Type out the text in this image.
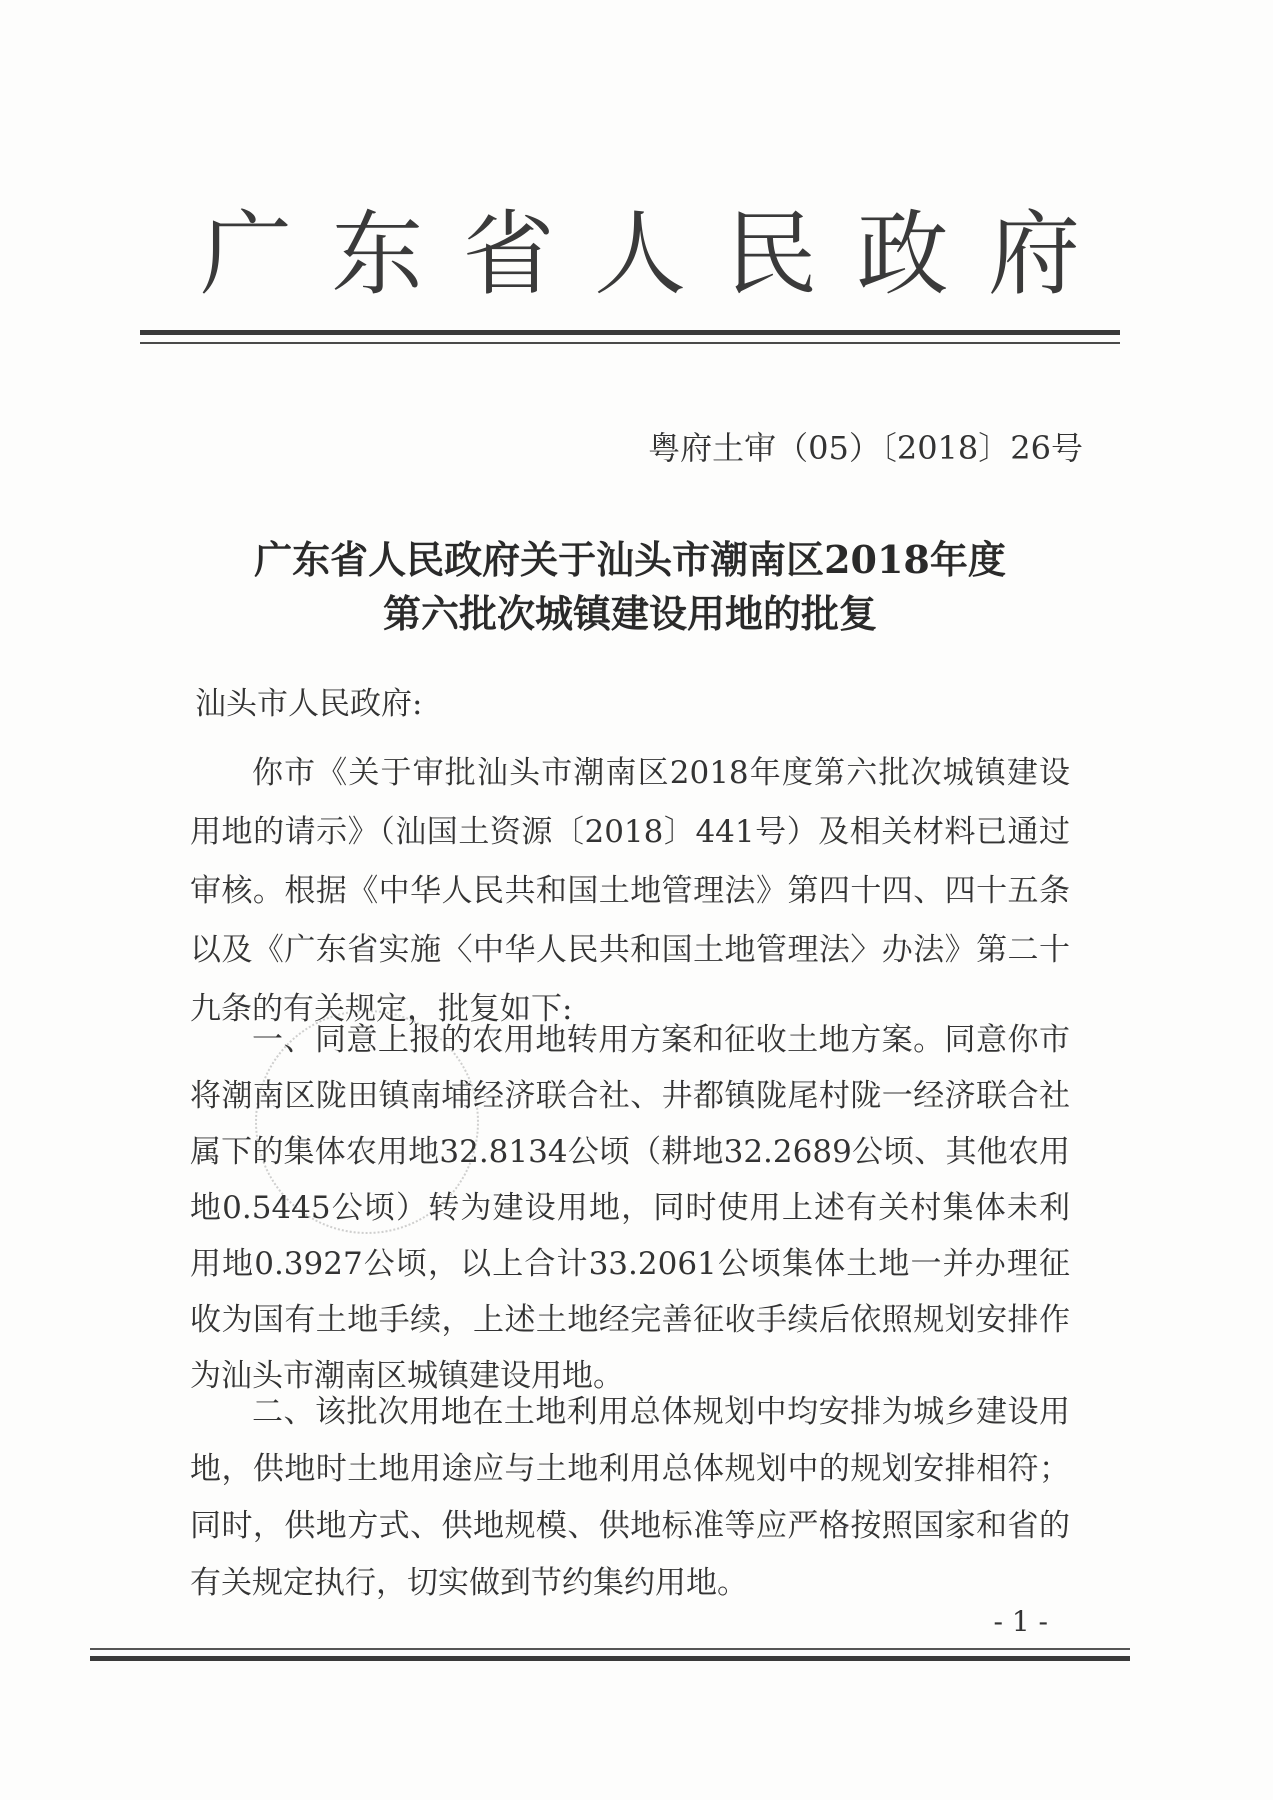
广 东 省 人 民 政 府
粤府土审（05）〔2018〕26号
广东省人民政府关于汕头市潮南区2018年度
第六批次城镇建设用地的批复
汕头市人民政府:

你市《关于审批汕头市潮南区2018年度第六批次城镇建设用地的请示》（汕国土资源〔2018〕441号）及相关材料已通过审核。根据《中华人民共和国土地管理法》第四十四、四十五条以及《广东省实施〈中华人民共和国土地管理法〉办法》第二十九条的有关规定，批复如下:

一、同意上报的农用地转用方案和征收土地方案。同意你市将潮南区陇田镇南埔经济联合社、井都镇陇尾村陇一经济联合社属下的集体农用地32.8134公顷（耕地32.2689公顷、其他农用地0.5445公顷）转为建设用地，同时使用上述有关村集体未利用地0.3927公顷，以上合计33.2061公顷集体土地一并办理征收为国有土地手续，上述土地经完善征收手续后依照规划安排作为汕头市潮南区城镇建设用地。

二、该批次用地在土地利用总体规划中均安排为城乡建设用地，供地时土地用途应与土地利用总体规划中的规划安排相符；同时，供地方式、供地规模、供地标准等应严格按照国家和省的有关规定执行，切实做到节约集约用地。

- 1 -
